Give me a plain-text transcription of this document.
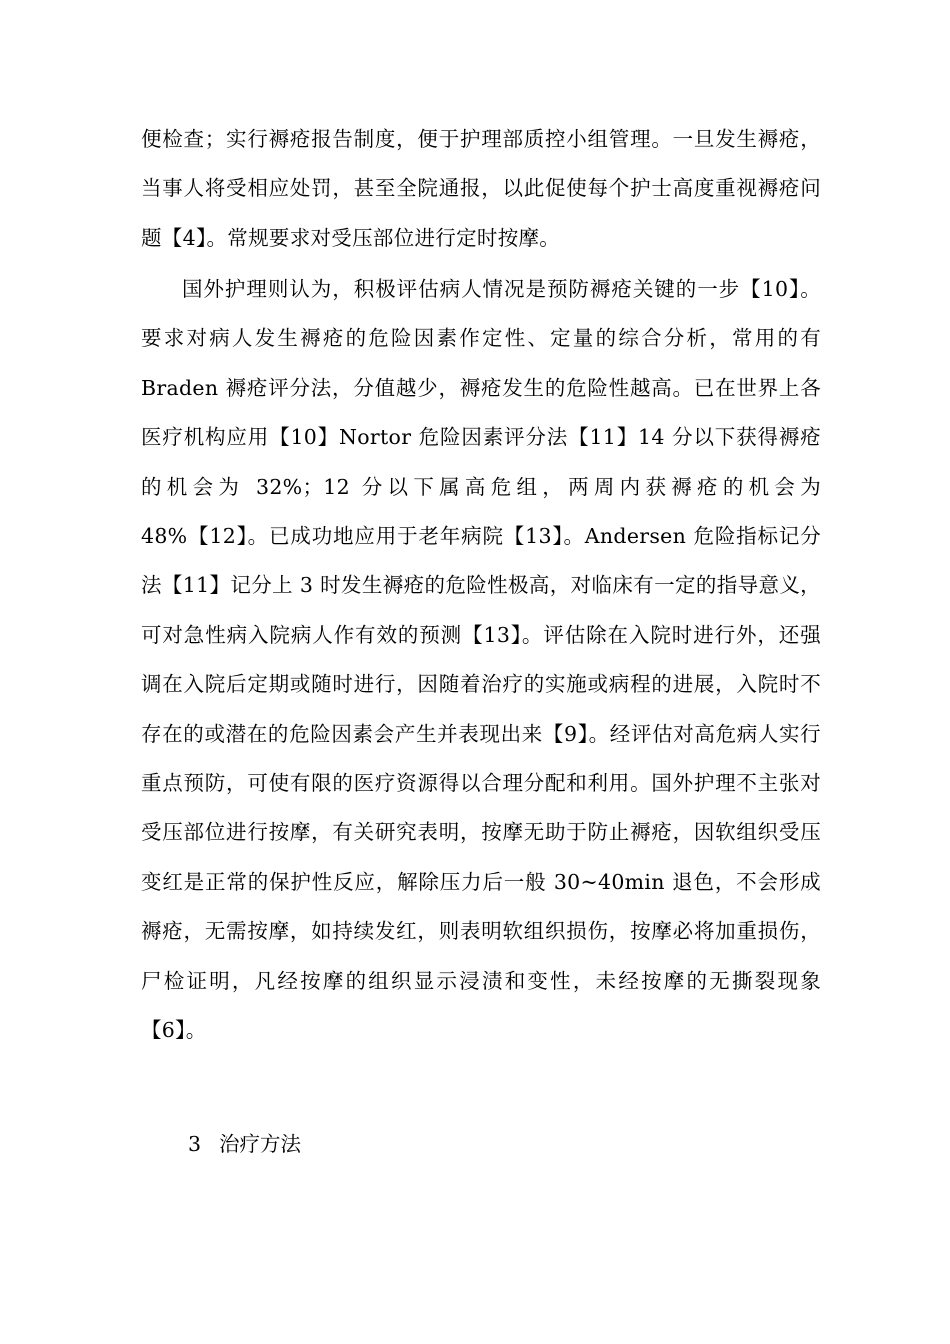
便检查；实行褥疮报告制度，便于护理部质控小组管理。一旦发生褥疮，当事人将受相应处罚，甚至全院通报，以此促使每个护士高度重视褥疮问题【4】。常规要求对受压部位进行定时按摩。

国外护理则认为，积极评估病人情况是预防褥疮关键的一步【10】。要求对病人发生褥疮的危险因素作定性、定量的综合分析，常用的有 Braden 褥疮评分法，分值越少，褥疮发生的危险性越高。已在世界上各医疗机构应用【10】Nortor 危险因素评分法【11】14 分以下获得褥疮的机会为 32%；12 分以下属高危组，两周内获褥疮的机会为 48%【12】。已成功地应用于老年病院【13】。Andersen 危险指标记分法【11】记分上 3 时发生褥疮的危险性极高，对临床有一定的指导意义，可对急性病入院病人作有效的预测【13】。评估除在入院时进行外，还强调在入院后定期或随时进行，因随着治疗的实施或病程的进展，入院时不存在的或潜在的危险因素会产生并表现出来【9】。经评估对高危病人实行重点预防，可使有限的医疗资源得以合理分配和利用。国外护理不主张对受压部位进行按摩，有关研究表明，按摩无助于防止褥疮，因软组织受压变红是正常的保护性反应，解除压力后一般 30~40min 退色，不会形成褥疮，无需按摩，如持续发红，则表明软组织损伤，按摩必将加重损伤，尸检证明，凡经按摩的组织显示浸渍和变性，未经按摩的无撕裂现象【6】。

3 治疗方法
